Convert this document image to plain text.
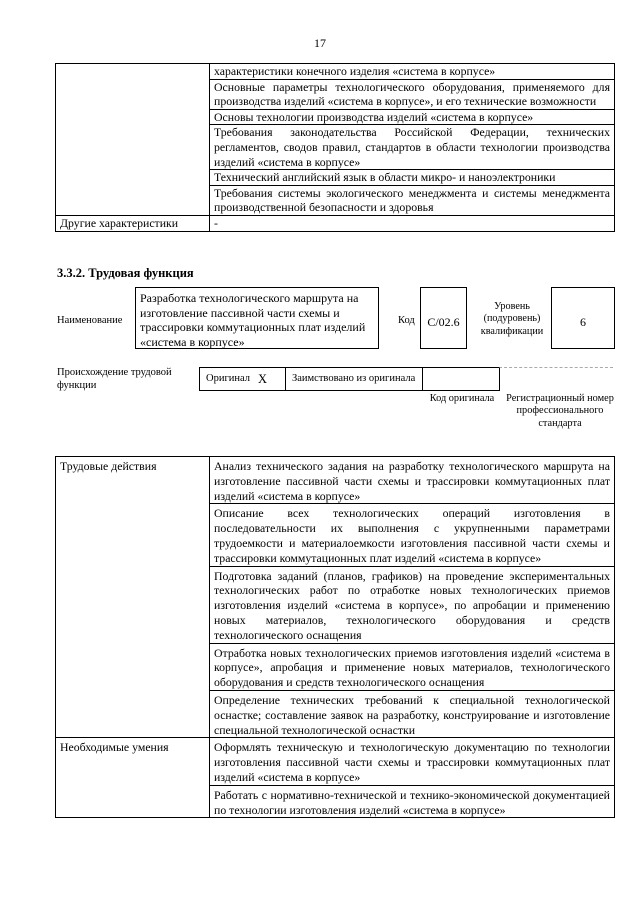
17
	характеристики конечного изделия «система в корпусе»
	Основные параметры технологического оборудования, применяемого для производства изделий «система в корпусе», и его технические возможности
	Основы технологии производства изделий «система в корпусе»
	Требования законодательства Российской Федерации, технических регламентов, сводов правил, стандартов в области технологии производства изделий «система в корпусе»
	Технический английский язык в области микро- и наноэлектроники
	Требования системы экологического менеджмента и системы менеджмента производственной безопасности и здоровья
Другие характеристики	-
3.3.2. Трудовая функция
Наименование
Разработка технологического маршрута на изготовление пассивной части схемы и трассировки коммутационных плат изделий «система в корпусе»
Код	C/02.6
Уровень (подуровень) квалификации
6
Происхождение трудовой функции
Оригинал X	Заимствовано из оригинала
Код оригинала Регистрационный номер профессионального стандарта
Трудовые действия	Анализ технического задания на разработку технологического маршрута на изготовление пассивной части схемы и трассировки коммутационных плат изделий «система в корпусе»
	Описание всех технологических операций изготовления в последовательности их выполнения с укрупненными параметрами трудоемкости и материалоемкости изготовления пассивной части схемы и трассировки коммутационных плат изделий «система в корпусе»
	Подготовка заданий (планов, графиков) на проведение экспериментальных технологических работ по отработке новых технологических приемов изготовления изделий «система в корпусе», по апробации и применению новых материалов, технологического оборудования и средств технологического оснащения
	Отработка новых технологических приемов изготовления изделий «система в корпусе», апробация и применение новых материалов, технологического оборудования и средств технологического оснащения
	Определение технических требований к специальной технологической оснастке; составление заявок на разработку, конструирование и изготовление специальной технологической оснастки
Необходимые умения	Оформлять техническую и технологическую документацию по технологии изготовления пассивной части схемы и трассировки коммутационных плат изделий «система в корпусе»
	Работать с нормативно-технической и технико-экономической документацией по технологии изготовления изделий «система в корпусе»
